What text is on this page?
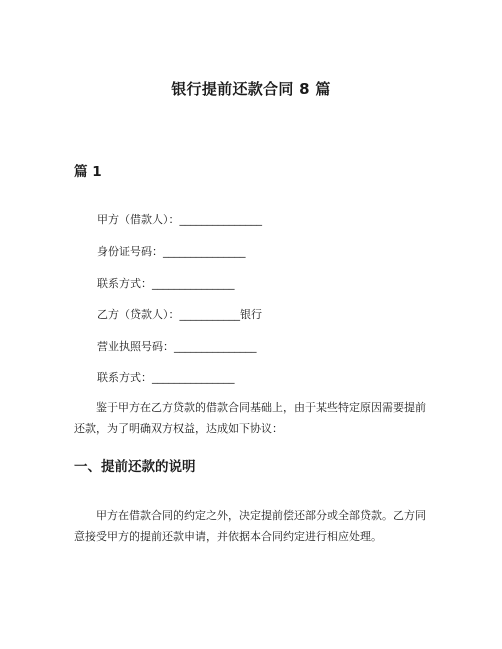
银行提前还款合同 8 篇
篇 1
甲方（借款人）：_______________
身份证号码：_______________
联系方式：_______________
乙方（贷款人）：___________银行
营业执照号码：_______________
联系方式：_______________
鉴于甲方在乙方贷款的借款合同基础上，由于某些特定原因需要提前还款，为了明确双方权益，达成如下协议：
一、提前还款的说明
甲方在借款合同的约定之外，决定提前偿还部分或全部贷款。乙方同意接受甲方的提前还款申请，并依据本合同约定进行相应处理。
